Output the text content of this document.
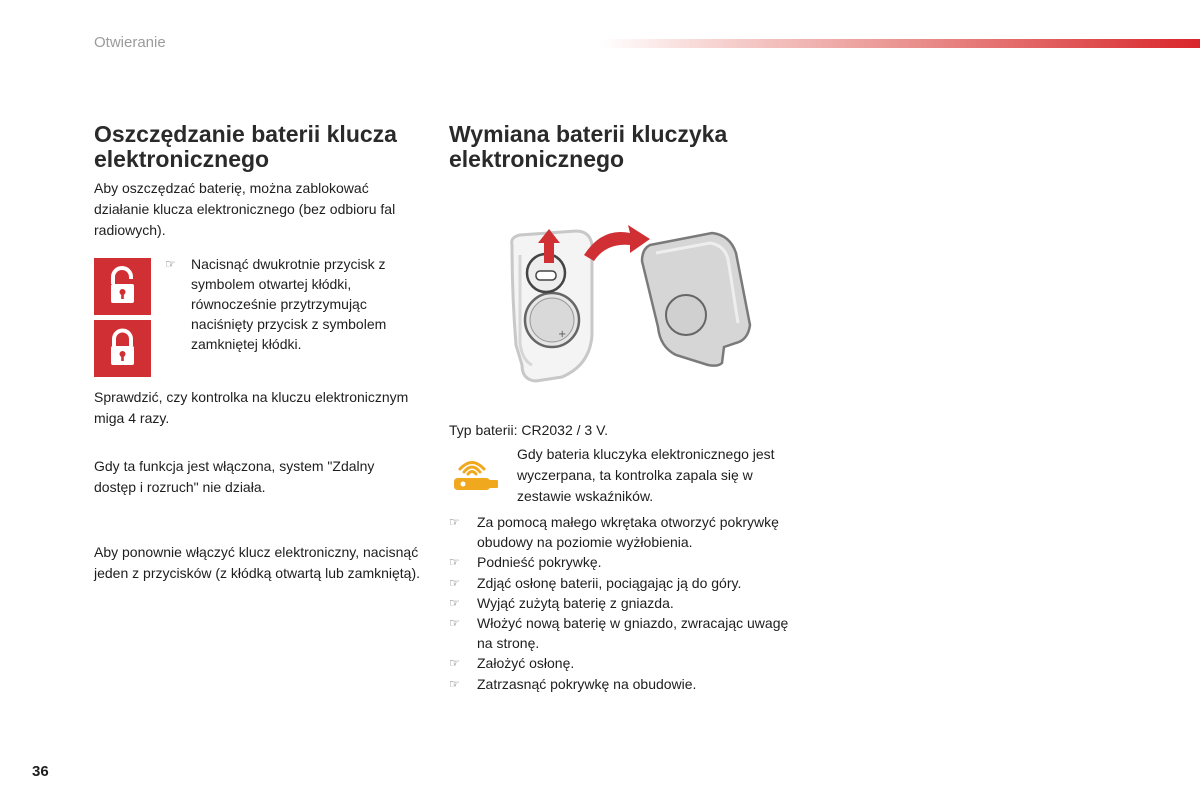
Otwieranie
Oszczędzanie baterii klucza elektronicznego

Aby oszczędzać baterię, można zablokować działanie klucza elektronicznego (bez odbioru fal radiowych).

☞ Nacisnąć dwukrotnie przycisk z symbolem otwartej kłódki, równocześnie przytrzymując naciśnięty przycisk z symbolem zamkniętej kłódki.

Sprawdzić, czy kontrolka na kluczu elektronicznym miga 4 razy.

Gdy ta funkcja jest włączona, system "Zdalny dostęp i rozruch" nie działa.

Aby ponownie włączyć klucz elektroniczny, nacisnąć jeden z przycisków (z kłódką otwartą lub zamkniętą).

Wymiana baterii kluczyka elektronicznego
+

Typ baterii: CR2032 / 3 V.

Gdy bateria kluczyka elektronicznego jest wyczerpana, ta kontrolka zapala się w zestawie wskaźników.

☞ Za pomocą małego wkrętaka otworzyć pokrywkę obudowy na poziomie wyżłobienia.
☞ Podnieść pokrywkę.
☞ Zdjąć osłonę baterii, pociągając ją do góry.
☞ Wyjąć zużytą baterię z gniazda.
☞ Włożyć nową baterię w gniazdo, zwracając uwagę na stronę.
☞ Założyć osłonę.
☞ Zatrzasnąć pokrywkę na obudowie.
36
